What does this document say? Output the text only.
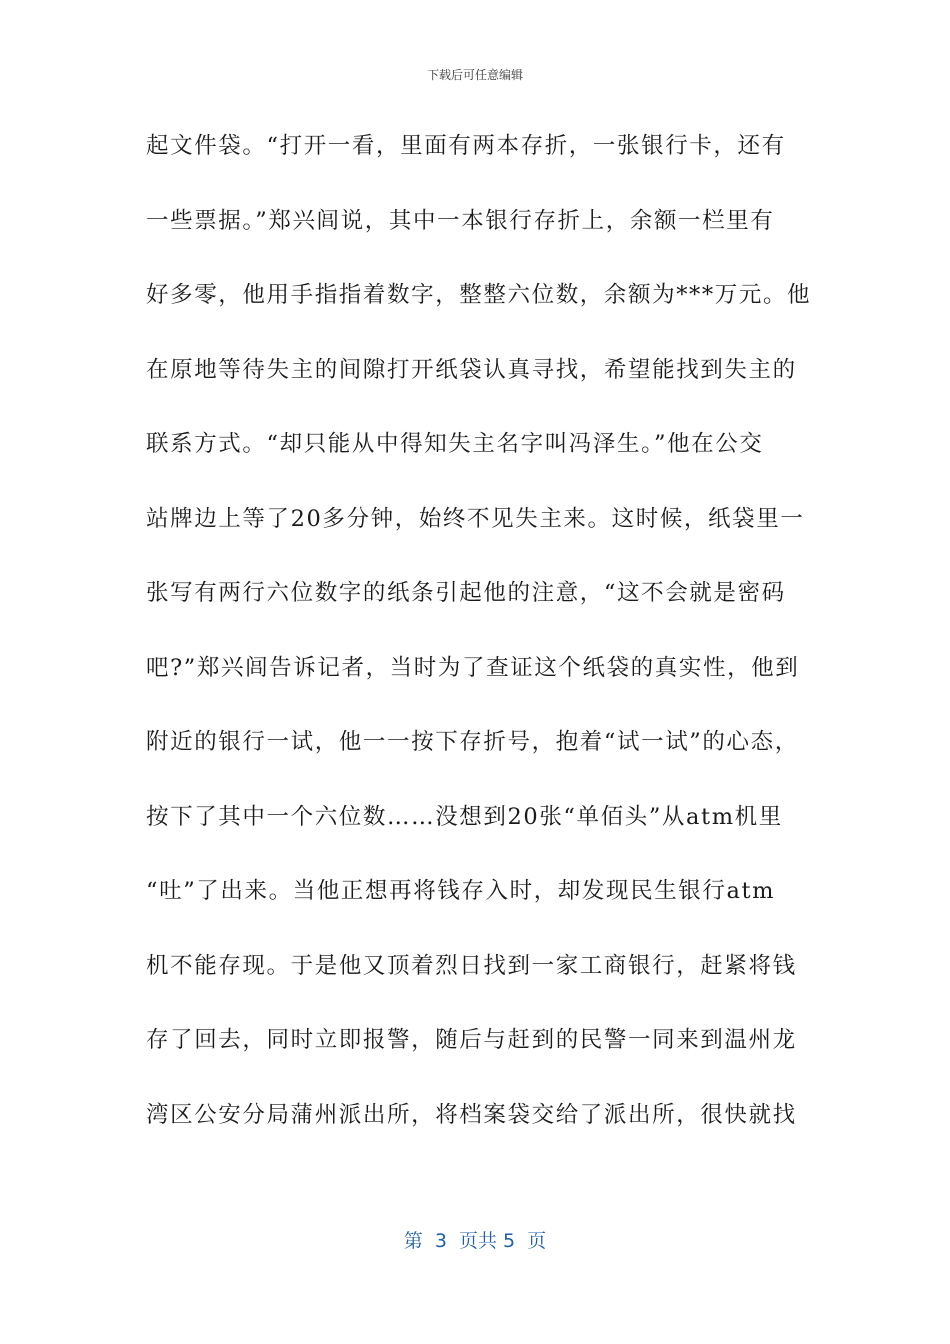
下载后可任意编辑
起文件袋。“打开一看，里面有两本存折，一张银行卡，还有
一些票据。”郑兴闾说，其中一本银行存折上，余额一栏里有
好多零，他用手指指着数字，整整六位数，余额为***万元。他
在原地等待失主的间隙打开纸袋认真寻找，希望能找到失主的
联系方式。“却只能从中得知失主名字叫冯泽生。”他在公交
站牌边上等了20多分钟，始终不见失主来。这时候，纸袋里一
张写有两行六位数字的纸条引起他的注意，“这不会就是密码
吧?”郑兴闾告诉记者，当时为了查证这个纸袋的真实性，他到
附近的银行一试，他一一按下存折号，抱着“试一试”的心态，
按下了其中一个六位数……没想到20张“单佰头”从atm机里
“吐”了出来。当他正想再将钱存入时，却发现民生银行atm
机不能存现。于是他又顶着烈日找到一家工商银行，赶紧将钱
存了回去，同时立即报警，随后与赶到的民警一同来到温州龙
湾区公安分局蒲州派出所，将档案袋交给了派出所，很快就找
第  3  页共 5  页
